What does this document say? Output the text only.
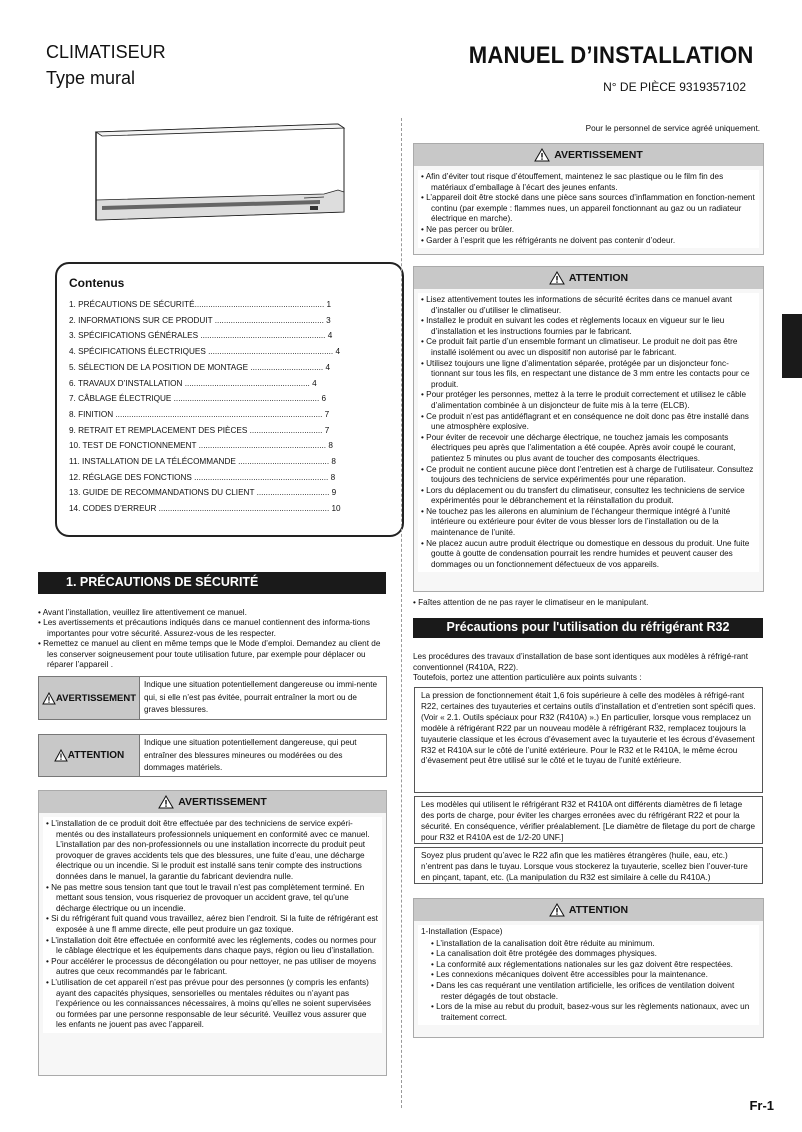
CLIMATISEUR
Type mural
MANUEL D’INSTALLATION
N° DE PIÈCE 9319357102
Contenus
1. PRÉCAUTIONS DE SÉCURITÉ......................................................... 1
2. INFORMATIONS SUR CE PRODUIT ................................................ 3
3. SPÉCIFICATIONS GÉNÉRALES ....................................................... 4
4. SPÉCIFICATIONS ÉLECTRIQUES ....................................................... 4
5. SÉLECTION DE LA POSITION DE MONTAGE ................................ 4
6. TRAVAUX D’INSTALLATION ....................................................... 4
7. CÂBLAGE ÉLECTRIQUE ................................................................ 6
8. FINITION ........................................................................................... 7
9. RETRAIT ET REMPLACEMENT DES PIÈCES ................................ 7
10. TEST DE FONCTIONNEMENT ........................................................ 8
11. INSTALLATION DE LA TÉLÉCOMMANDE ........................................ 8
12. RÉGLAGE DES FONCTIONS ........................................................... 8
13. GUIDE DE RECOMMANDATIONS DU CLIENT ................................ 9
14. CODES D’ERREUR ........................................................................... 10
1. PRÉCAUTIONS DE SÉCURITÉ
• Avant l’installation, veuillez lire attentivement ce manuel.
• Les avertissements et précautions indiqués dans ce manuel contiennent des informa-tions importantes pour votre sécurité. Assurez-vous de les respecter.
• Remettez ce manuel au client en même temps que le Mode d’emploi. Demandez au client de les conserver soigneusement pour toute utilisation future, par exemple pour déplacer ou réparer l’appareil .
AVERTISSEMENT
Indique une situation potentiellement dangereuse ou immi-nente qui, si elle n’est pas évitée, pourrait entraîner la mort ou de graves blessures.
ATTENTION
Indique une situation potentiellement dangereuse, qui peut entraîner des blessures mineures ou modérées ou des dommages matériels.
AVERTISSEMENT
• L’installation de ce produit doit être effectuée par des techniciens de service expéri-mentés ou des installateurs professionnels uniquement en conformité avec ce manuel. L’installation par des non-professionnels ou une installation incorrecte du produit peut provoquer de graves accidents tels que des blessures, une fuite d’eau, une décharge électrique ou un incendie. Si le produit est installé sans tenir compte des instructions données dans le manuel, la garantie du fabricant deviendra nulle.
• Ne pas mettre sous tension tant que tout le travail n’est pas complètement terminé. En mettant sous tension, vous risqueriez de provoquer un accident grave, tel qu’une décharge électrique ou un incendie.
• Si du réfrigérant fuit quand vous travaillez, aérez bien l’endroit. Si la fuite de réfrigérant est exposée à une fl amme directe, elle peut produire un gaz toxique.
• L’installation doit être effectuée en conformité avec les réglements, codes ou normes pour le câblage électrique et les équipements dans chaque pays, région ou lieu d’installation.
• Pour accélérer le processus de décongélation ou pour nettoyer, ne pas utiliser de moyens autres que ceux recommandés par le fabricant.
• L’utilisation de cet appareil n’est pas prévue pour des personnes (y compris les enfants) ayant des capacités physiques, sensorielles ou mentales réduites ou n’ayant pas l’expérience ou les connaissances nécessaires, à moins qu’elles ne soient supervisées ou formées par une personne responsable de leur sécurité. Veuillez vous assurer que les enfants ne jouent pas avec l’appareil.
Pour le personnel de service agréé uniquement.
AVERTISSEMENT
• Afin d’éviter tout risque d’étouffement, maintenez le sac plastique ou le film fin des matériaux d’emballage à l’écart des jeunes enfants.
• L’appareil doit être stocké dans une pièce sans sources d’inflammation en fonction-nement continu (par exemple : flammes nues, un appareil fonctionnant au gaz ou un radiateur électrique en marche).
• Ne pas percer ou brûler.
• Garder à l’esprit que les réfrigérants ne doivent pas contenir d’odeur.
ATTENTION
• Lisez attentivement toutes les informations de sécurité écrites dans ce manuel avant d’installer ou d’utiliser le climatiseur.
• Installez le produit en suivant les codes et règlements locaux en vigueur sur le lieu d’installation et les instructions fournies par le fabricant.
• Ce produit fait partie d’un ensemble formant un climatiseur. Le produit ne doit pas être installé isolément ou avec un dispositif non autorisé par le fabricant.
• Utilisez toujours une ligne d’alimentation séparée, protégée par un disjoncteur fonc-tionnant sur tous les fils, en respectant une distance de 3 mm entre les contacts pour ce produit.
• Pour protéger les personnes, mettez à la terre le produit correctement et utilisez le câble d’alimentation combinée à un disjoncteur de fuite mis à la terre (ELCB).
• Ce produit n’est pas antidéflagrant et en conséquence ne doit donc pas être installé dans une atmosphère explosive.
• Pour éviter de recevoir une décharge électrique, ne touchez jamais les composants électriques peu après que l’alimentation a été coupée. Après avoir coupé le courant, patientez 5 minutes ou plus avant de toucher des composants électriques.
• Ce produit ne contient aucune pièce dont l’entretien est à charge de l’utilisateur. Consultez toujours des techniciens de service expérimentés pour une réparation.
• Lors du déplacement ou du transfert du climatiseur, consultez les techniciens de service expérimentés pour le débranchement et la réinstallation du produit.
• Ne touchez pas les ailerons en aluminium de l’échangeur thermique intégré à l’unité intérieure ou extérieure pour éviter de vous blesser lors de l’installation ou de la maintenance de l’unité.
• Ne placez aucun autre produit électrique ou domestique en dessous du produit. Une fuite goutte à goutte de condensation pourrait les rendre humides et peuvent causer des dommages ou un fonctionnement défectueux de vos appareils.
• Faîtes attention de ne pas rayer le climatiseur en le manipulant.
Précautions pour l'utilisation du réfrigérant R32
Les procédures des travaux d’installation de base sont identiques aux modèles à réfrigé-rant conventionnel (R410A, R22).
Toutefois, portez une attention particulière aux points suivants :
La pression de fonctionnement était 1,6 fois supérieure à celle des modèles à réfrigé-rant R22, certaines des tuyauteries et certains outils d’installation et d’entretien sont spécifi ques. (Voir « 2.1. Outils spéciaux pour R32 (R410A) ».) En particulier, lorsque vous remplacez un modèle à réfrigérant R22 par un nouveau modèle à réfrigérant R32, remplacez toujours la tuyauterie classique et les écrous d’évasement avec la tuyauterie et les écrous d’évasement R32 et R410A sur le côté de l’unité extérieure. Pour le R32 et le R410A, le même écrou d’évasement peut être utilisé sur le côté et le tuyau de l’unité extérieure.
Les modèles qui utilisent le réfrigérant R32 et R410A ont différents diamètres de fi letage des ports de charge, pour éviter les charges erronées avec du réfrigérant R22 et pour la sécurité. En conséquence, vérifier préalablement. [Le diamètre de filetage du port de charge pour R32 et R410A est de 1/2-20 UNF.]
Soyez plus prudent qu’avec le R22 afin que les matières étrangères (huile, eau, etc.) n’entrent pas dans le tuyau. Lorsque vous stockerez la tuyauterie, scellez bien l’ouver-ture en pinçant, tapant, etc. (La manipulation du R32 est similaire à celle du R410A.)
ATTENTION
1-Installation (Espace)
• L’installation de la canalisation doit être réduite au minimum.
• La canalisation doit être protégée des dommages physiques.
• La conformité aux réglementations nationales sur les gaz doivent être respectées.
• Les connexions mécaniques doivent être accessibles pour la maintenance.
• Dans les cas requérant une ventilation artificielle, les orifices de ventilation doivent rester dégagés de tout obstacle.
• Lors de la mise au rebut du produit, basez-vous sur les règlements nationaux, avec un traitement correct.
Fr-1
